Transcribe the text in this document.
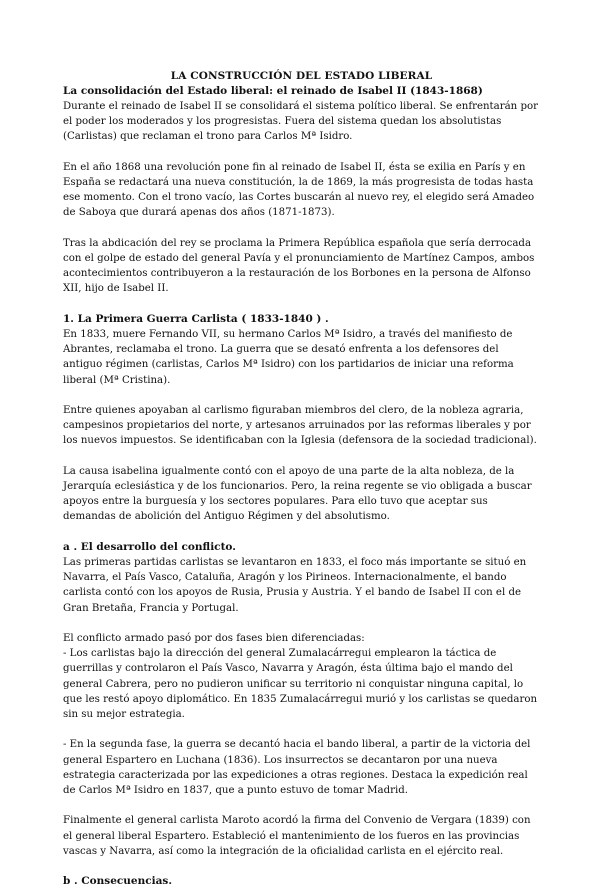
LA CONSTRUCCIÓN DEL ESTADO LIBERAL
La consolidación del Estado liberal: el reinado de Isabel II (1843-1868)

Durante el reinado de Isabel II se consolidará el sistema político liberal. Se enfrentarán por el poder los moderados y los progresistas. Fuera del sistema quedan los absolutistas (Carlistas) que reclaman el trono para Carlos Mª Isidro.

En el año 1868 una revolución pone fin al reinado de Isabel II, ésta se exilia en París y en España se redactará una nueva constitución, la de 1869, la más progresista de todas hasta ese momento. Con el trono vacío, las Cortes buscarán al nuevo rey, el elegido será Amadeo de Saboya que durará apenas dos años (1871-1873).

Tras la abdicación del rey se proclama la Primera República española que sería derrocada con el golpe de estado del general Pavía y el pronunciamiento de Martínez Campos, ambos acontecimientos contribuyeron a la restauración de los Borbones en la persona de Alfonso XII, hijo de Isabel II.

1. La Primera Guerra Carlista ( 1833-1840 ) .

En 1833, muere Fernando VII, su hermano Carlos Mª Isidro, a través del manifiesto de Abrantes, reclamaba el trono. La guerra que se desató enfrenta a los defensores del antiguo régimen (carlistas, Carlos Mª Isidro) con los partidarios de iniciar una reforma liberal (Mª Cristina).

Entre quienes apoyaban al carlismo figuraban miembros del clero, de la nobleza agraria, campesinos propietarios del norte, y artesanos arruinados por las reformas liberales y por los nuevos impuestos. Se identificaban con la Iglesia (defensora de la sociedad tradicional).

La causa isabelina igualmente contó con el apoyo de una parte de la alta nobleza, de la Jerarquía eclesiástica y de los funcionarios. Pero, la reina regente se vio obligada a buscar apoyos entre la burguesía y los sectores populares. Para ello tuvo que aceptar sus demandas de abolición del Antiguo Régimen y del absolutismo.

a . El desarrollo del conflicto.

Las primeras partidas carlistas se levantaron en 1833, el foco más importante se situó en Navarra, el País Vasco, Cataluña, Aragón y los Pirineos. Internacionalmente, el bando carlista contó con los apoyos de Rusia, Prusia y Austria. Y el bando de Isabel II con el de Gran Bretaña, Francia y Portugal.

El conflicto armado pasó por dos fases bien diferenciadas:

- Los carlistas bajo la dirección del general Zumalacárregui emplearon la táctica de guerrillas y controlaron el País Vasco, Navarra y Aragón, ésta última bajo el mando del general Cabrera, pero no pudieron unificar su territorio ni conquistar ninguna capital, lo que les restó apoyo diplomático. En 1835 Zumalacárregui murió y los carlistas se quedaron sin su mejor estrategia.

- En la segunda fase, la guerra se decantó hacia el bando liberal, a partir de la victoria del general Espartero en Luchana (1836). Los insurrectos se decantaron por una nueva estrategia caracterizada por las expediciones a otras regiones. Destaca la expedición real de Carlos Mª Isidro en 1837, que a punto estuvo de tomar Madrid.

Finalmente el general carlista Maroto acordó la firma del Convenio de Vergara (1839) con el general liberal Espartero. Estableció el mantenimiento de los fueros en las provincias vascas y Navarra, así como la integración de la oficialidad carlista en el ejército real.

b . Consecuencias.
